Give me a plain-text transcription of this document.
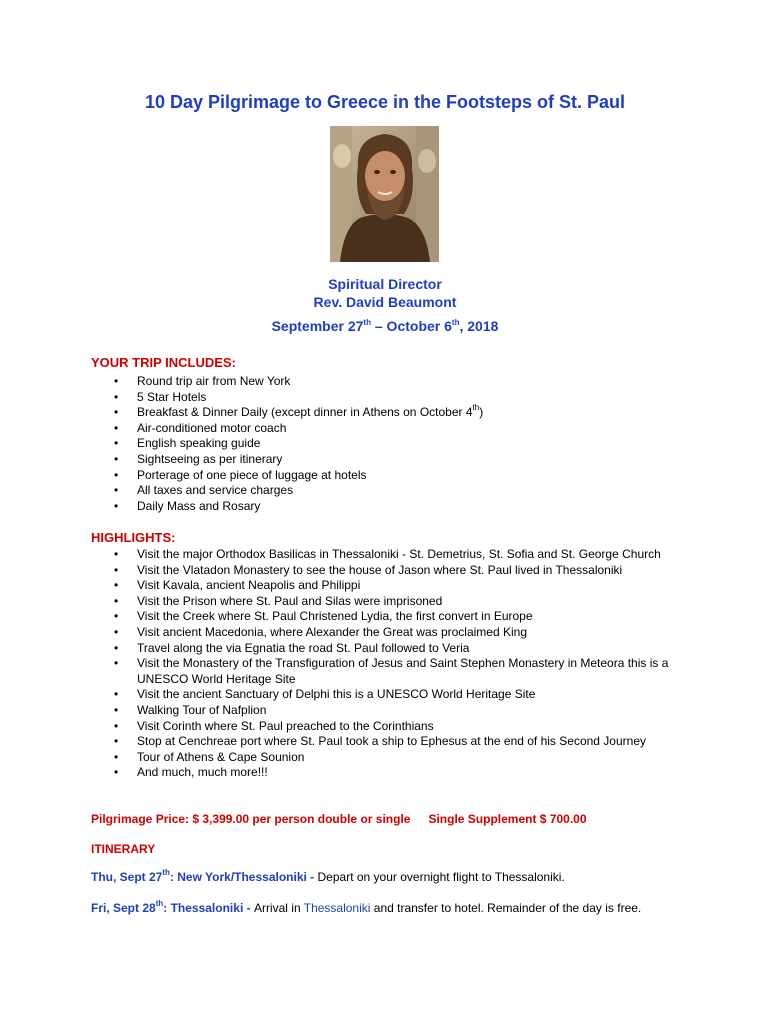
10 Day Pilgrimage to Greece in the Footsteps of St. Paul
Spiritual Director
Rev. David Beaumont
September 27th – October 6th, 2018
YOUR TRIP INCLUDES:
• Round trip air from New York
• 5 Star Hotels
• Breakfast & Dinner Daily (except dinner in Athens on October 4th)
• Air-conditioned motor coach
• English speaking guide
• Sightseeing as per itinerary
• Porterage of one piece of luggage at hotels
• All taxes and service charges
• Daily Mass and Rosary
HIGHLIGHTS:
• Visit the major Orthodox Basilicas in Thessaloniki - St. Demetrius, St. Sofia and St. George Church
• Visit the Vlatadon Monastery to see the house of Jason where St. Paul lived in Thessaloniki
• Visit Kavala, ancient Neapolis and Philippi
• Visit the Prison where St. Paul and Silas were imprisoned
• Visit the Creek where St. Paul Christened Lydia, the first convert in Europe
• Visit ancient Macedonia, where Alexander the Great was proclaimed King
• Travel along the via Egnatia the road St. Paul followed to Veria
• Visit the Monastery of the Transfiguration of Jesus and Saint Stephen Monastery in Meteora this is a UNESCO World Heritage Site
• Visit the ancient Sanctuary of Delphi this is a UNESCO World Heritage Site
• Walking Tour of Nafplion
• Visit Corinth where St. Paul preached to the Corinthians
• Stop at Cenchreae port where St. Paul took a ship to Ephesus at the end of his Second Journey
• Tour of Athens & Cape Sounion
• And much, much more!!!
Pilgrimage Price: $ 3,399.00 per person double or single Single Supplement $ 700.00
ITINERARY
Thu, Sept 27th: New York/Thessaloniki - Depart on your overnight flight to Thessaloniki.
Fri, Sept 28th: Thessaloniki - Arrival in Thessaloniki and transfer to hotel. Remainder of the day is free.
